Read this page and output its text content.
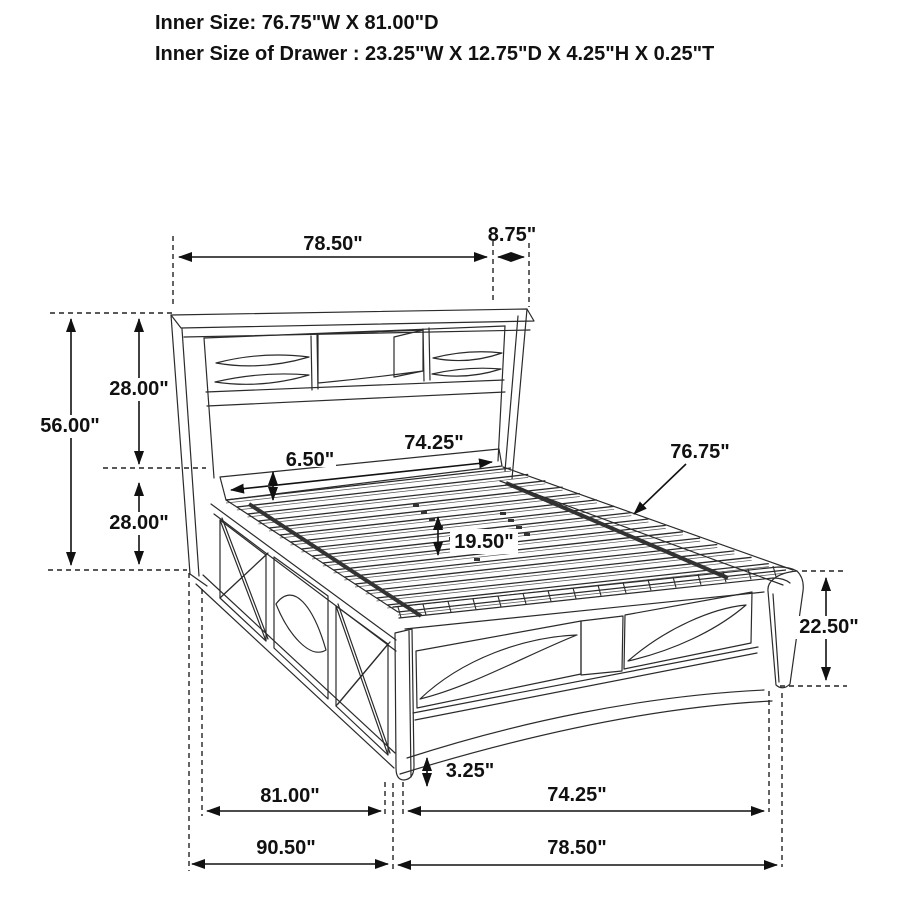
Inner Size: 76.75"W X 81.00"D
Inner Size of Drawer : 23.25"W X 12.75"D X 4.25"H X 0.25"T
78.50"	8.75"
56.00"
28.00"
28.00"
6.50"
74.25"	76.75"
19.50"
22.50"
3.25"
81.00"	74.25"
90.50"	78.50"
